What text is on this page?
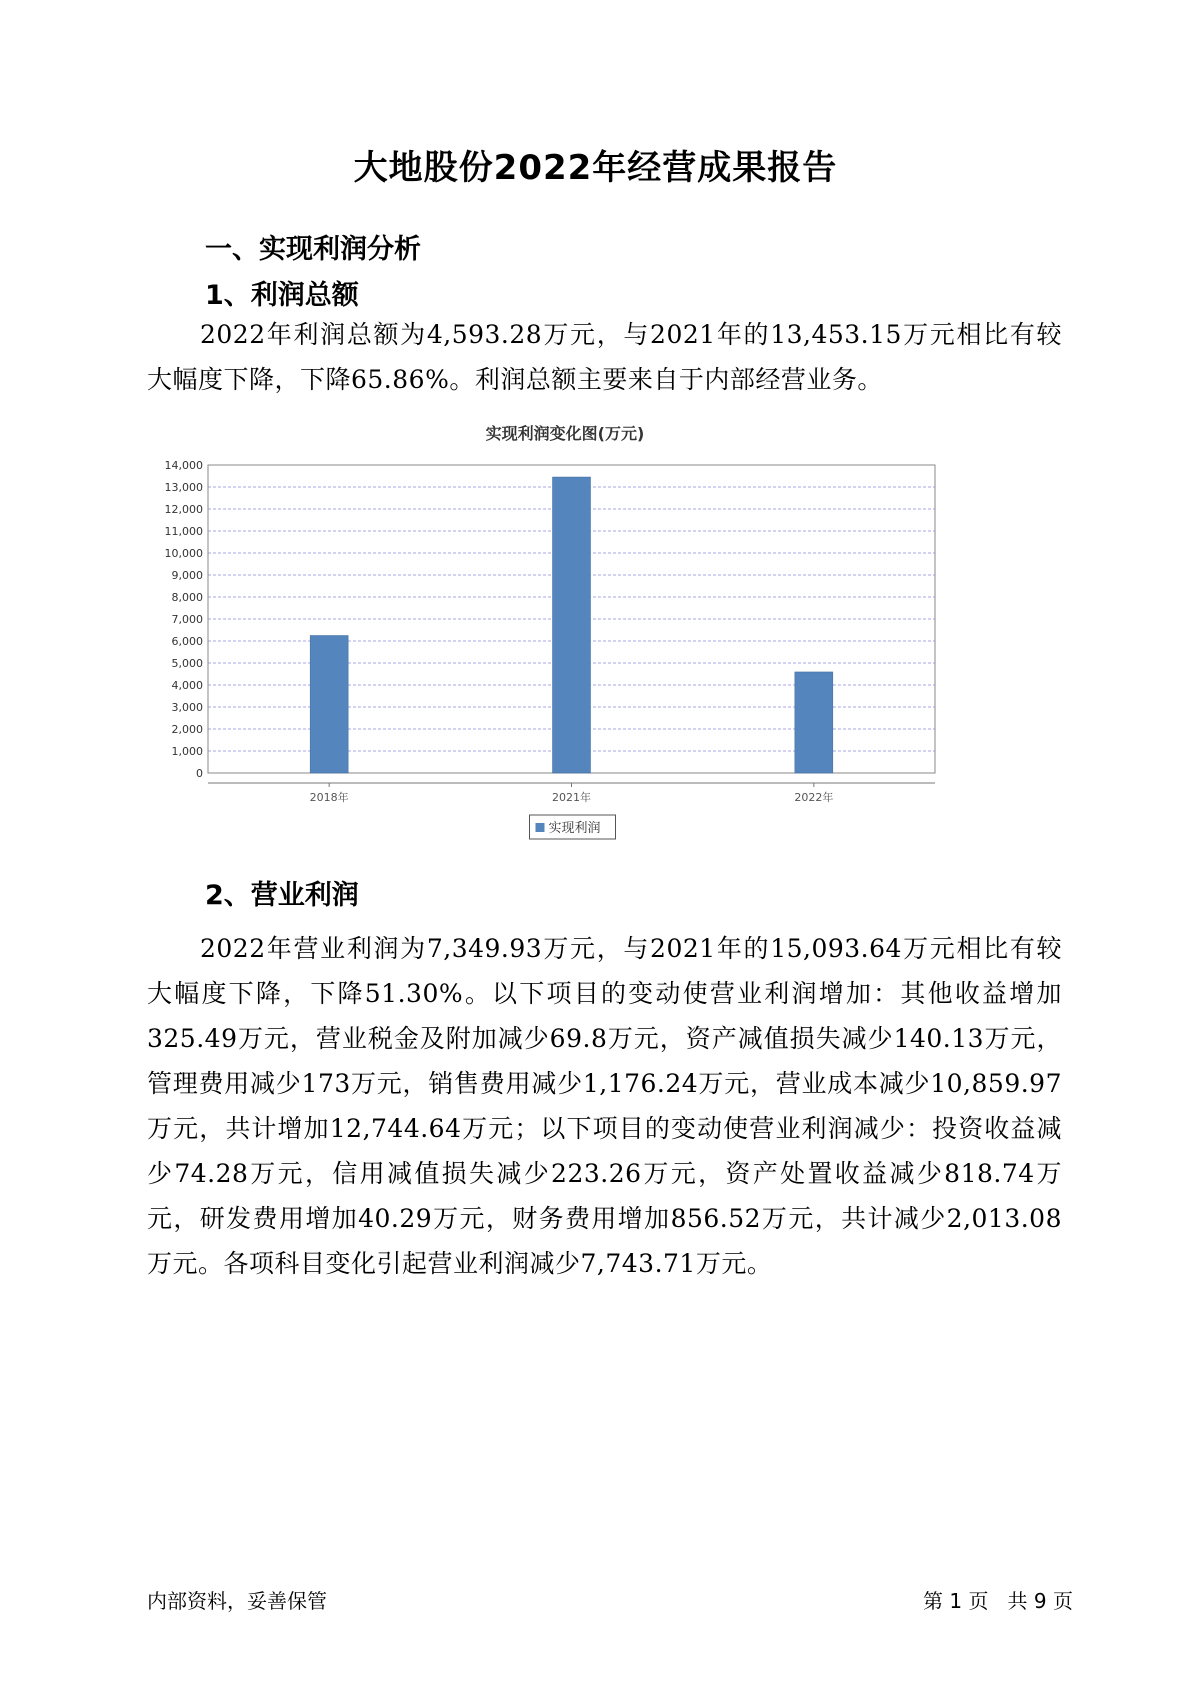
大地股份2022年经营成果报告
一、实现利润分析
1、利润总额

2022年利润总额为4,593.28万元，与2021年的13,453.15万元相比有较大幅度下降，下降65.86%。利润总额主要来自于内部经营业务。

实现利润变化图(万元)
0
1,000
2,000
3,000
4,000
5,000
6,000
7,000
8,000
9,000
10,000
11,000
12,000
13,000
14,000
2018年	2021年	2022年
实现利润
2、营业利润

2022年营业利润为7,349.93万元，与2021年的15,093.64万元相比有较大幅度下降，下降51.30%。以下项目的变动使营业利润增加：其他收益增加325.49万元，营业税金及附加减少69.8万元，资产减值损失减少140.13万元，管理费用减少173万元，销售费用减少1,176.24万元，营业成本减少10,859.97万元，共计增加12,744.64万元；以下项目的变动使营业利润减少：投资收益减少74.28万元，信用减值损失减少223.26万元，资产处置收益减少818.74万元，研发费用增加40.29万元，财务费用增加856.52万元，共计减少2,013.08万元。各项科目变化引起营业利润减少7,743.71万元。

内部资料，妥善保管	第 1 页   共 9 页
